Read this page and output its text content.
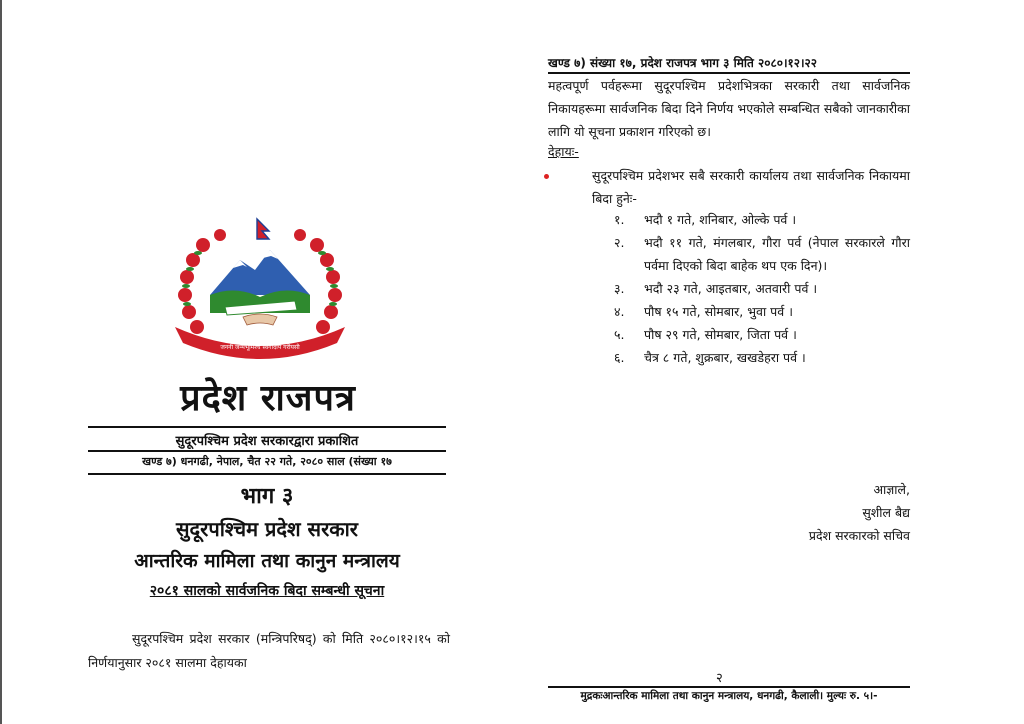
जननी जन्मभूमिश्च स्वर्गादपि गरीयसी
प्रदेश राजपत्र
सुदूरपश्चिम प्रदेश सरकारद्वारा प्रकाशित
खण्ड ७) धनगढी, नेपाल, चैत २२ गते, २०८० साल (संख्या १७
भाग ३
सुदूरपश्चिम प्रदेश सरकार
आन्तरिक मामिला तथा कानुन मन्त्रालय
२०८१ सालको सार्वजनिक बिदा सम्बन्धी सूचना
सुदूरपश्चिम प्रदेश सरकार (मन्त्रिपरिषद्) को मिति २०८०।१२।१५ को निर्णयानुसार २०८१ सालमा देहायका
खण्ड ७) संख्या १७, प्रदेश राजपत्र भाग ३ मिति २०८०।१२।२२
महत्वपूर्ण पर्वहरूमा सुदूरपश्चिम प्रदेशभित्रका सरकारी तथा सार्वजनिक निकायहरूमा सार्वजनिक बिदा दिने निर्णय भएकोले सम्बन्धित सबैको जानकारीका लागि यो सूचना प्रकाशन गरिएको छ।
देहायः-
सुदूरपश्चिम प्रदेशभर सबै सरकारी कार्यालय तथा सार्वजनिक निकायमा बिदा हुनेः-
१.	भदौ १ गते, शनिबार, ओल्के पर्व ।
२.	भदौ ११ गते, मंगलबार, गौरा पर्व (नेपाल सरकारले गौरा पर्वमा दिएको बिदा बाहेक थप एक दिन)।
३.	भदौ २३ गते, आइतबार, अतवारी पर्व ।
४.	पौष १५ गते, सोमबार, भुवा पर्व ।
५.	पौष २९ गते, सोमबार, जिता पर्व ।
६.	चैत्र ८ गते, शुक्रबार, खखडेहरा पर्व ।
आज्ञाले,
सुशील बैद्य
प्रदेश सरकारको सचिव
२
मुद्रकःआन्तरिक मामिला तथा कानुन मन्त्रालय, धनगढी, कैलाली। मुल्यः रु. ५।-
